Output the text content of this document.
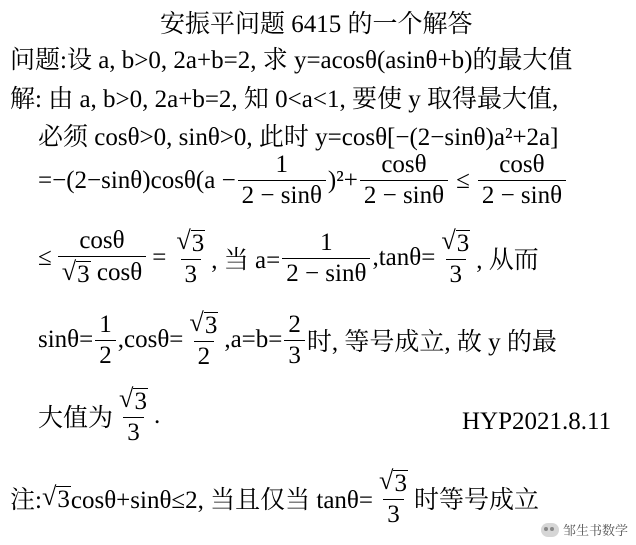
安振平问题 6415 的一个解答
问题:设 a, b>0, 2a+b=2, 求 y=acosθ(asinθ+b)的最大值
解: 由 a, b>0, 2a+b=2, 知 0<a<1, 要使 y 取得最大值,
必须 cosθ>0, sinθ>0, 此时 y=cosθ[−(2−sinθ)a²+2a]
$=-(2-\sin\theta)\cos\theta(a - \frac{1}{2 - \sin\theta} )^2+ \frac{\cos\theta}{2 - \sin\theta} \le \frac{\cos\theta}{2 - \sin\theta}$
≤ $\frac{\cos\theta}{√ 3 \cos\theta} = \frac{√ 3}{3}$ , 当 $a= \frac{1}{2 - \sin\theta} ,\tan\theta= \frac{√ 3}{3}$ , 从而
$\sin\theta= \frac{1}{2} ,\cos\theta= \frac{√ 3}{2} ,a=b= \frac{2}{3}$ 时, 等号成立, 故 y 的最
大值为 $\frac{√ 3}{3}$ .	HYP2021.8.11
注: √ 3 cosθ+sinθ≤2, 当且仅当 $\tan\theta= \frac{√ 3}{3}$ 时等号成立
邹生书数学
